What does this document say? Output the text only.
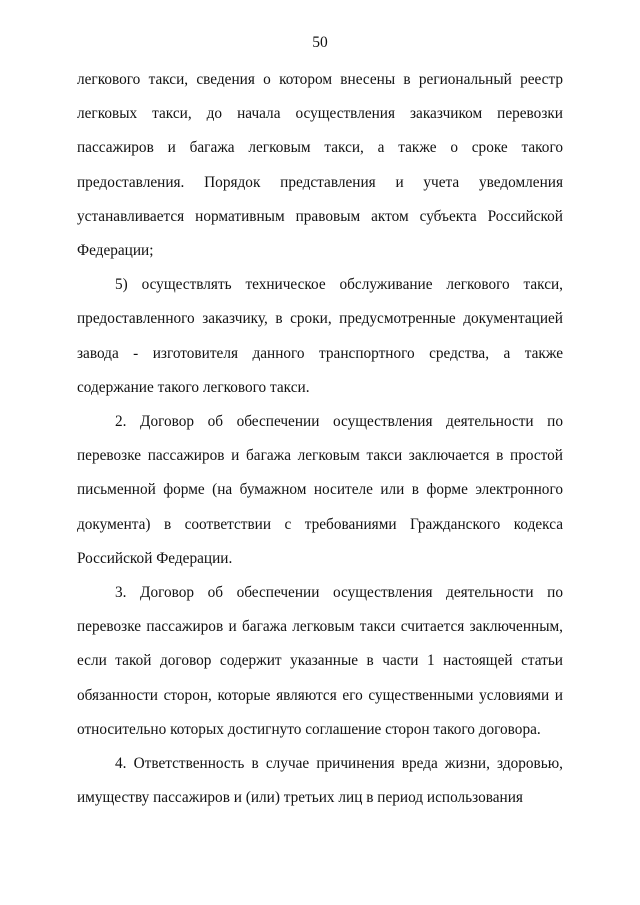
50

легкового такси, сведения о котором внесены в региональный реестр легковых такси, до начала осуществления заказчиком перевозки пассажиров и багажа легковым такси, а также о сроке такого предоставления. Порядок представления и учета уведомления устанавливается нормативным правовым актом субъекта Российской Федерации;

5) осуществлять техническое обслуживание легкового такси, предоставленного заказчику, в сроки, предусмотренные документацией завода - изготовителя данного транспортного средства, а также содержание такого легкового такси.

2. Договор об обеспечении осуществления деятельности по перевозке пассажиров и багажа легковым такси заключается в простой письменной форме (на бумажном носителе или в форме электронного документа) в соответствии с требованиями Гражданского кодекса Российской Федерации.

3. Договор об обеспечении осуществления деятельности по перевозке пассажиров и багажа легковым такси считается заключенным, если такой договор содержит указанные в части 1 настоящей статьи обязанности сторон, которые являются его существенными условиями и относительно которых достигнуто соглашение сторон такого договора.

4. Ответственность в случае причинения вреда жизни, здоровью, имуществу пассажиров и (или) третьих лиц в период использования
